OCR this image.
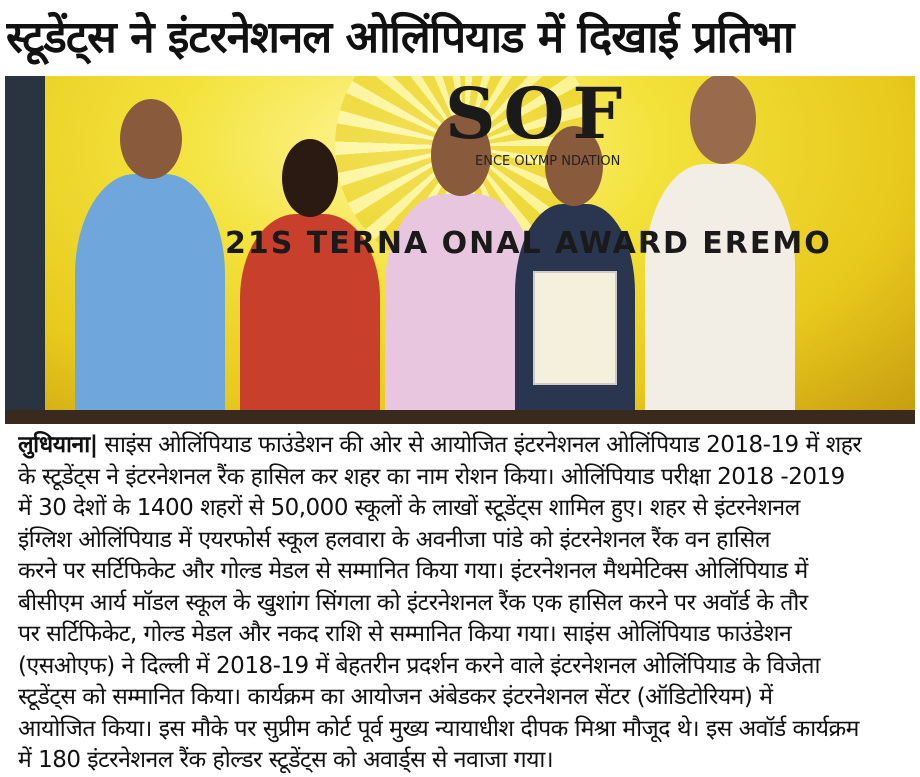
स्टूडेंट्स ने इंटरनेशनल ओलिंपियाड में दिखाई प्रतिभा
SOF
ENCE OLYMP NDATION
21S TERNA ONAL AWARD EREMO
लुधियाना| साइंस ओलिंपियाड फाउंडेशन की ओर से आयोजित इंटरनेशनल ओलिंपियाड 2018-19 में शहर
के स्टूडेंट्स ने इंटरनेशनल रैंक हासिल कर शहर का नाम रोशन किया। ओलिंपियाड परीक्षा 2018 -2019
में 30 देशों के 1400 शहरों से 50,000 स्कूलों के लाखों स्टूडेंट्स शामिल हुए। शहर से इंटरनेशनल
इंग्लिश ओलिंपियाड में एयरफोर्स स्कूल हलवारा के अवनीजा पांडे को इंटरनेशनल रैंक वन हासिल
करने पर सर्टिफिकेट और गोल्ड मेडल से सम्मानित किया गया। इंटरनेशनल मैथमेटिक्स ओलिंपियाड में
बीसीएम आर्य मॉडल स्कूल के खुशांग सिंगला को इंटरनेशनल रैंक एक हासिल करने पर अवॉर्ड के तौर
पर सर्टिफिकेट, गोल्ड मेडल और नकद राशि से सम्मानित किया गया। साइंस ओलिंपियाड फाउंडेशन
(एसओएफ) ने दिल्ली में 2018-19 में बेहतरीन प्रदर्शन करने वाले इंटरनेशनल ओलिंपियाड के विजेता
स्टूडेंट्स को सम्मानित किया। कार्यक्रम का आयोजन अंबेडकर इंटरनेशनल सेंटर (ऑडिटोरियम) में
आयोजित किया। इस मौके पर सुप्रीम कोर्ट पूर्व मुख्य न्यायाधीश दीपक मिश्रा मौजूद थे। इस अवॉर्ड कार्यक्रम
में 180 इंटरनेशनल रैंक होल्डर स्टूडेंट्स को अवार्ड्स से नवाजा गया।
